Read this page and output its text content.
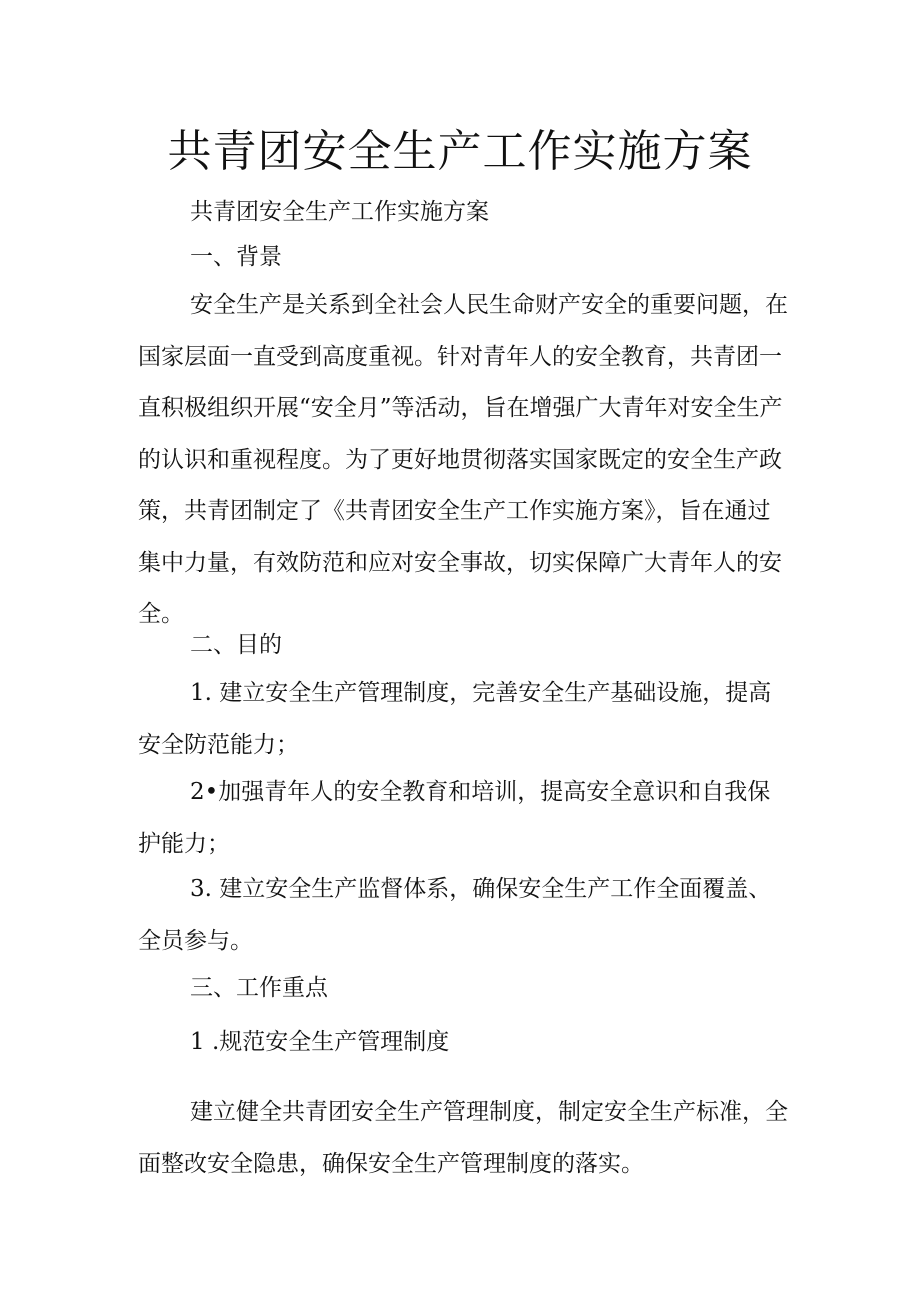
共青团安全生产工作实施方案

共青团安全生产工作实施方案

一、背景

安全生产是关系到全社会人民生命财产安全的重要问题，在国家层面一直受到高度重视。针对青年人的安全教育，共青团一直积极组织开展“安全月”等活动，旨在增强广大青年对安全生产的认识和重视程度。为了更好地贯彻落实国家既定的安全生产政策，共青团制定了《共青团安全生产工作实施方案》，旨在通过集中力量，有效防范和应对安全事故，切实保障广大青年人的安全。

二、目的

1. 建立安全生产管理制度，完善安全生产基础设施，提高安全防范能力；

2•加强青年人的安全教育和培训，提高安全意识和自我保护能力；

3. 建立安全生产监督体系，确保安全生产工作全面覆盖、全员参与。

三、工作重点

1 .规范安全生产管理制度

建立健全共青团安全生产管理制度，制定安全生产标准，全面整改安全隐患，确保安全生产管理制度的落实。
